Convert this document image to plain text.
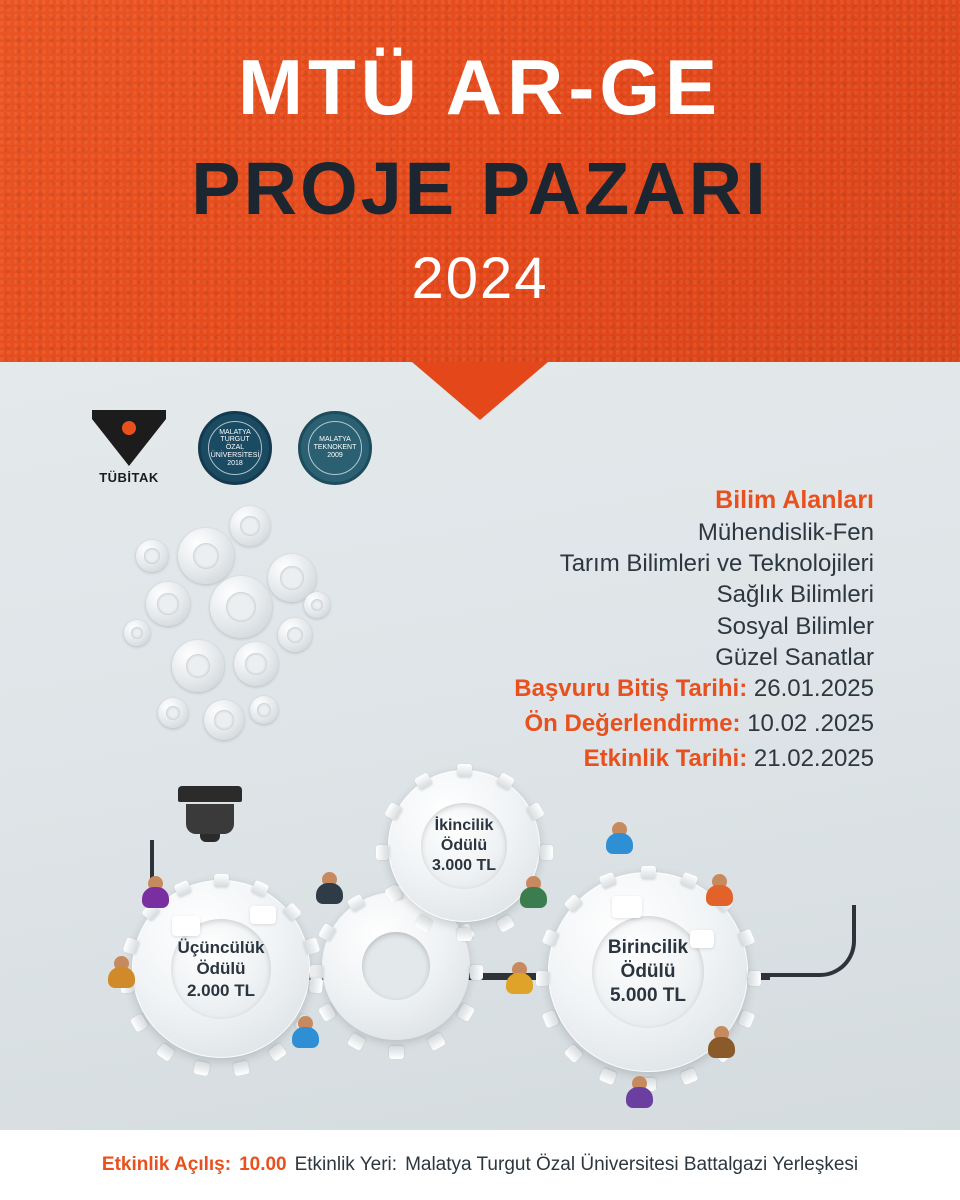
MTÜ AR-GE
PROJE PAZARI
2024
TÜBİTAK
MALATYA TURGUT ÖZAL ÜNİVERSİTESİ 2018
MALATYA TEKNOKENT 2009
Bilim Alanları
Mühendislik-Fen
Tarım Bilimleri ve Teknolojileri
Sağlık Bilimleri
Sosyal Bilimler
Güzel Sanatlar
Başvuru Bitiş Tarihi: 26.01.2025
Ön Değerlendirme: 10.02 .2025
Etkinlik Tarihi: 21.02.2025
İkincilik
Ödülü
3.000 TL
Üçüncülük
Ödülü
2.000 TL
Birincilik
Ödülü
5.000 TL
Etkinlik Açılış: 10.00 Etkinlik Yeri: Malatya Turgut Özal Üniversitesi Battalgazi Yerleşkesi
